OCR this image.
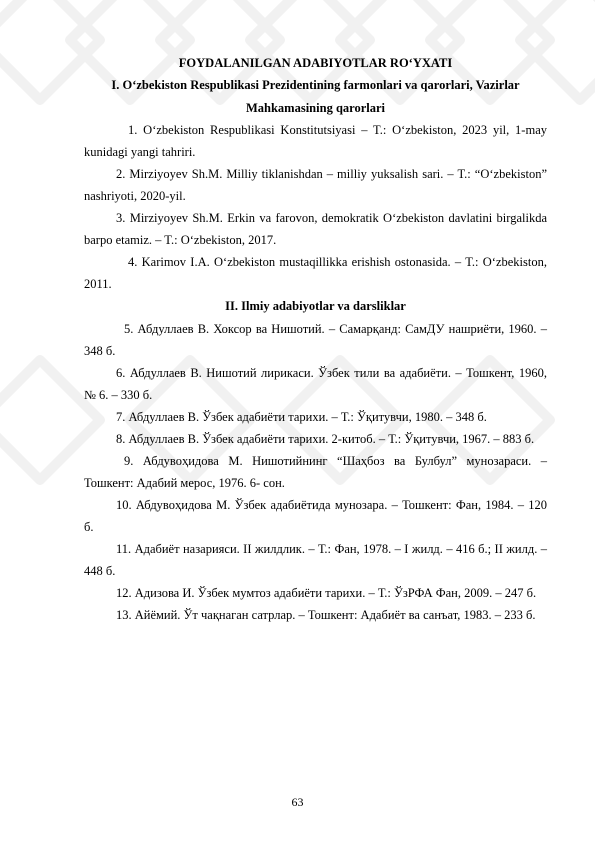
FOYDALANILGAN ADABIYOTLAR RO‘YXATI

I. O‘zbekiston Respublikasi Prezidentining farmonlari va qarorlari, Vazirlar Mahkamasining qarorlari

1. O‘zbekiston Respublikasi Konstitutsiyasi – T.: O‘zbekiston, 2023 yil, 1-may kunidagi yangi tahriri.

2. Mirziyoyev Sh.M. Milliy tiklanishdan – milliy yuksalish sari. – T.: “O‘zbekiston” nashriyoti, 2020-yil.

3. Mirziyoyev Sh.M. Erkin va farovon, demokratik O‘zbekiston davlatini birgalikda barpo etamiz. – T.: O‘zbekiston, 2017.

4. Karimov I.A. O‘zbekiston mustaqillikka erishish ostonasida. – T.: O‘zbekiston, 2011.

II. Ilmiy adabiyotlar va darsliklar

5. Абдуллаев В. Хоксор ва Нишотий. – Самарқанд: СамДУ нашриёти, 1960. – 348 б.

6. Абдуллаев В. Нишотий лирикаси. Ўзбек тили ва адабиёти. – Тошкент, 1960, № 6. – 330 б.

7. Абдуллаев В. Ўзбек адабиёти тарихи. – Т.: Ўқитувчи, 1980. – 348 б.

8. Абдуллаев В. Ўзбек адабиёти тарихи. 2-китоб. – Т.: Ўқитувчи, 1967. – 883 б.

9. Абдувоҳидова М. Нишотийнинг “Шаҳбоз ва Булбул” мунозараси. – Тошкент: Адабий мерос, 1976. 6- сон.

10. Абдувоҳидова М. Ўзбек адабиётида мунозара. – Тошкент: Фан, 1984. – 120 б.

11. Адабиёт назарияси. II жилдлик. – Т.: Фан, 1978. – I жилд. – 416 б.; II жилд. – 448 б.

12. Адизова И. Ўзбек мумтоз адабиёти тарихи. – Т.: ЎзРФА Фан, 2009. – 247 б.

13. Айёмий. Ўт чақнаган сатрлар. – Тошкент: Адабиёт ва санъат, 1983. – 233 б.

63
